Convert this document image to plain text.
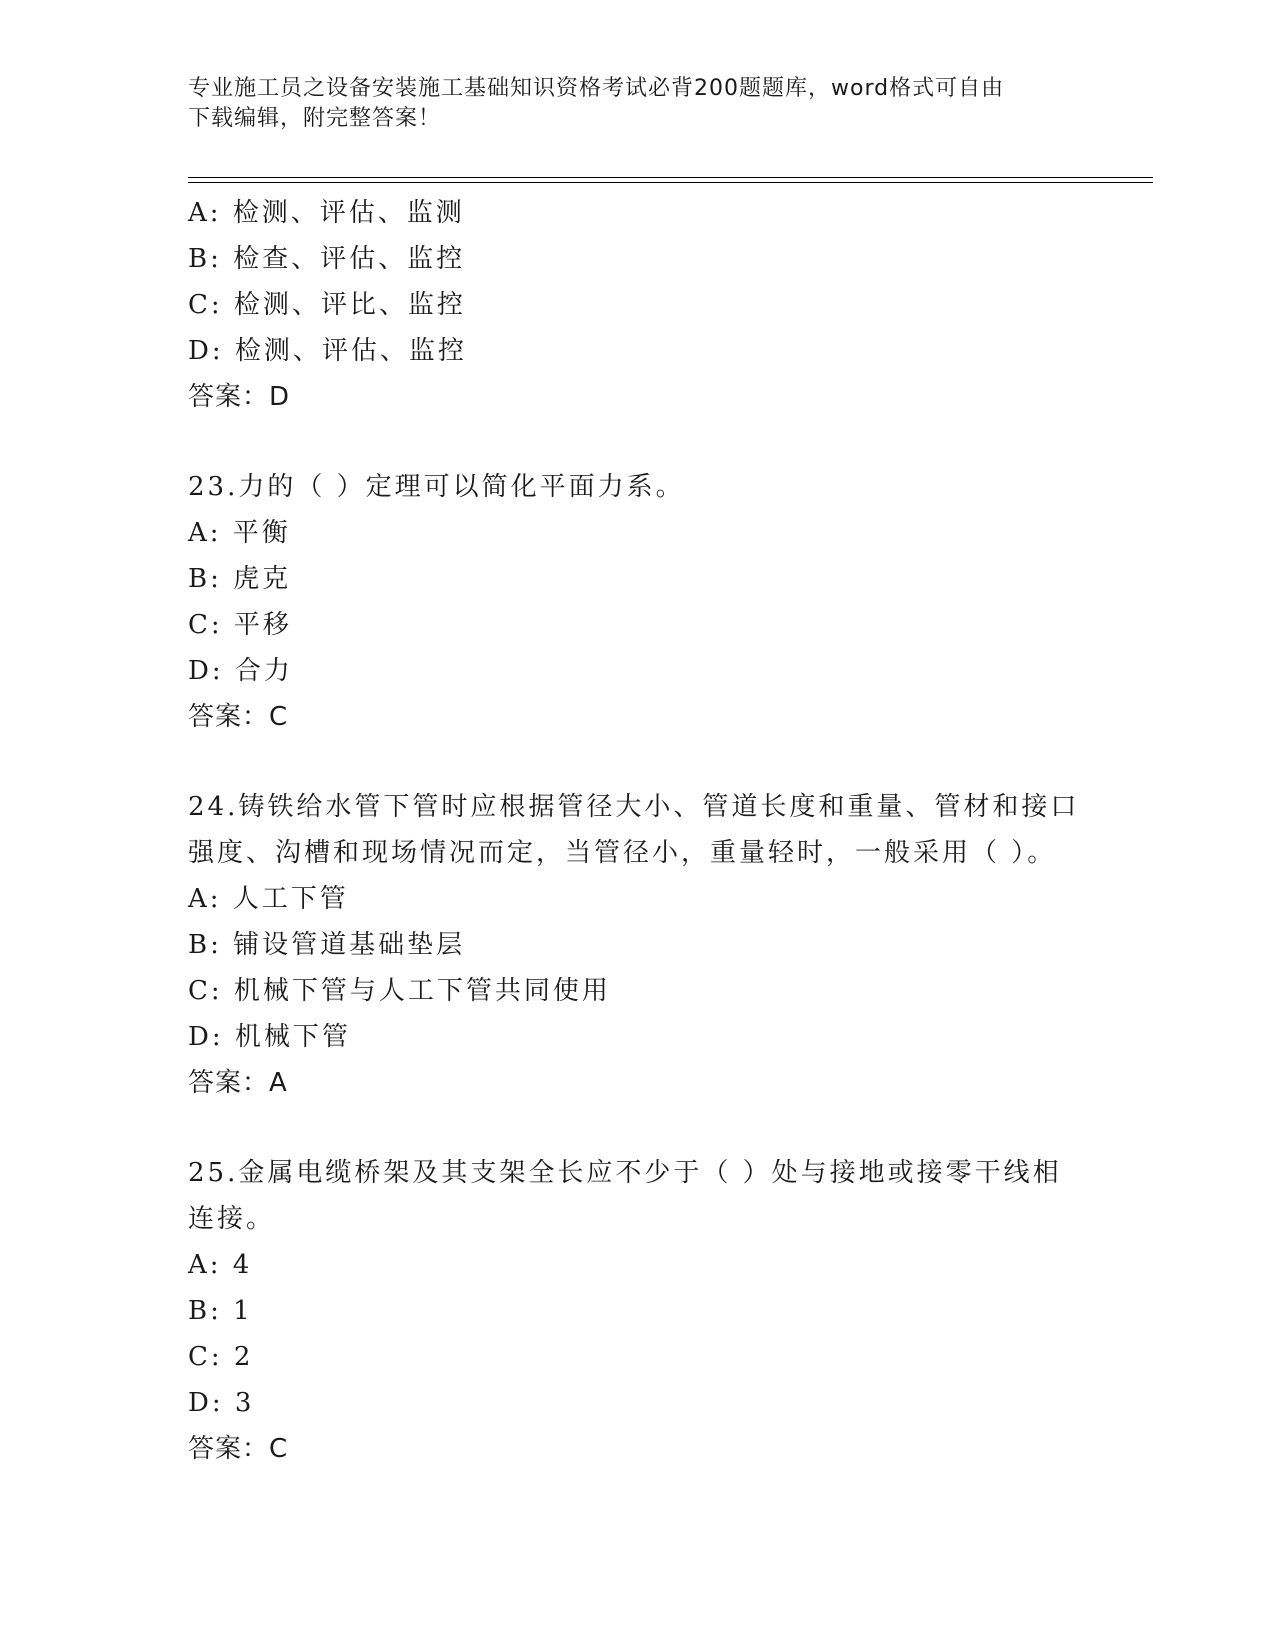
专业施工员之设备安装施工基础知识资格考试必背200题题库，word格式可自由
下载编辑，附完整答案！
A: 检测、评估、监测
B: 检查、评估、监控
C: 检测、评比、监控
D: 检测、评估、监控
答案：D
23.力的（ ）定理可以简化平面力系。
A: 平衡
B: 虎克
C: 平移
D: 合力
答案：C
24.铸铁给水管下管时应根据管径大小、管道长度和重量、管材和接口
强度、沟槽和现场情况而定，当管径小，重量轻时，一般采用（ ）。
A: 人工下管
B: 铺设管道基础垫层
C: 机械下管与人工下管共同使用
D: 机械下管
答案：A
25.金属电缆桥架及其支架全长应不少于（ ）处与接地或接零干线相
连接。
A: 4
B: 1
C: 2
D: 3
答案：C
